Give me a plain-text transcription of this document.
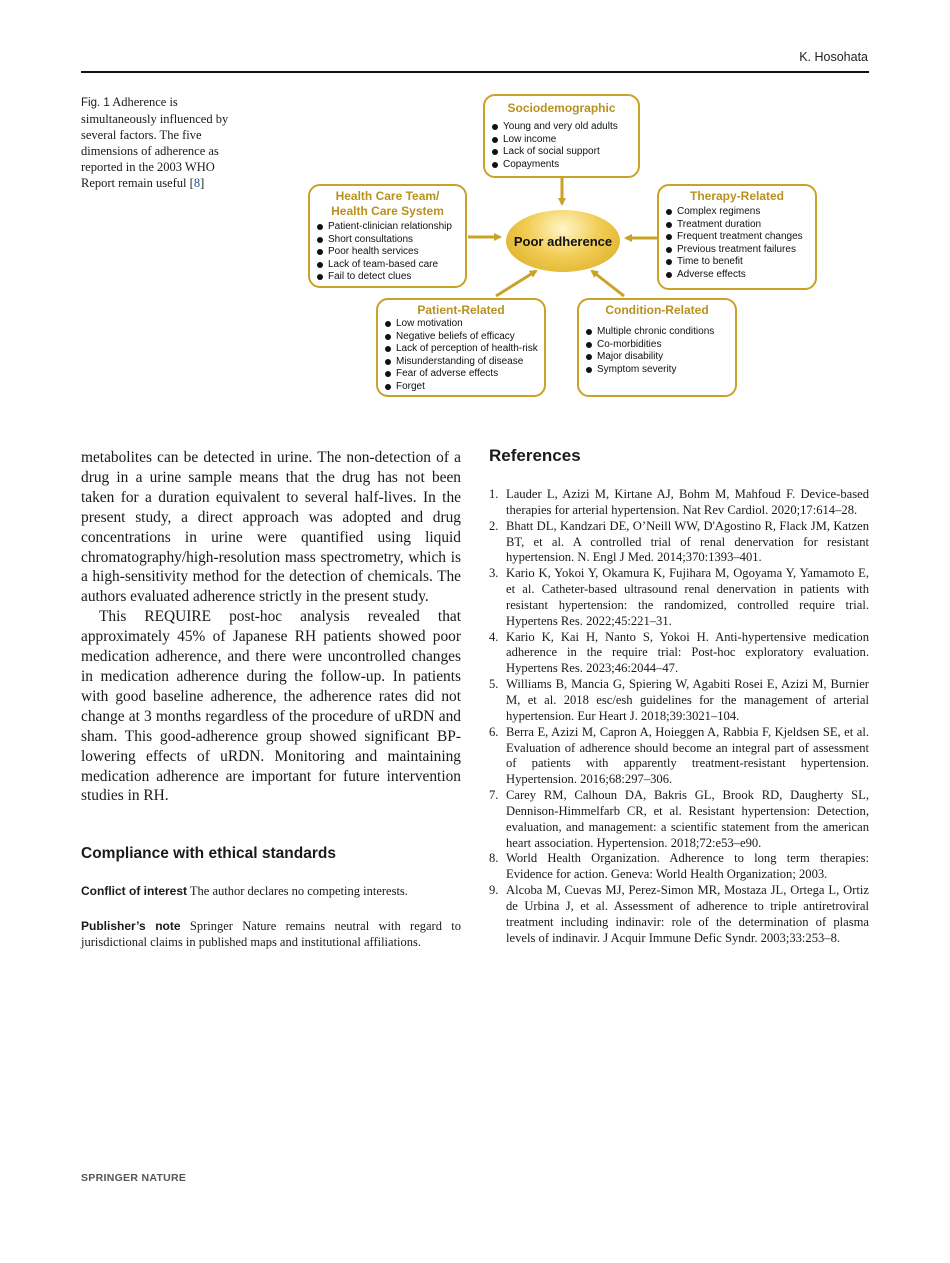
K. Hosohata
Fig. 1 Adherence is simultaneously influenced by several factors. The five dimensions of adherence as reported in the 2003 WHO Report remain useful [8]
Poor adherence
Sociodemographic
Young and very old adults
Low income
Lack of social support
Copayments
Health Care Team/
Health Care System
Patient-clinician relationship
Short consultations
Poor health services
Lack of team-based care
Fail to detect clues
Therapy-Related
Complex regimens
Treatment duration
Frequent treatment changes
Previous treatment failures
Time to benefit
Adverse effects
Patient-Related
Low motivation
Negative beliefs of efficacy
Lack of perception of health-risk
Misunderstanding of disease
Fear of adverse effects
Forget
Condition-Related
Multiple chronic conditions
Co-morbidities
Major disability
Symptom severity

metabolites can be detected in urine. The non-detection of a drug in a urine sample means that the drug has not been taken for a duration equivalent to several half-lives. In the present study, a direct approach was adopted and drug concentrations in urine were quantified using liquid chromatography/high-resolution mass spectrometry, which is a high-sensitivity method for the detection of chemicals. The authors evaluated adherence strictly in the present study.

This REQUIRE post-hoc analysis revealed that approximately 45% of Japanese RH patients showed poor medication adherence, and there were uncontrolled changes in medication adherence during the follow-up. In patients with good baseline adherence, the adherence rates did not change at 3 months regardless of the procedure of uRDN and sham. This good-adherence group showed significant BP-lowering effects of uRDN. Monitoring and maintaining medication adherence are important for future intervention studies in RH.

Compliance with ethical standards
Conflict of interest The author declares no competing interests.
Publisher’s note Springer Nature remains neutral with regard to jurisdictional claims in published maps and institutional affiliations.
References
1. Lauder L, Azizi M, Kirtane AJ, Bohm M, Mahfoud F. Device-based therapies for arterial hypertension. Nat Rev Cardiol. 2020;17:614–28.
2. Bhatt DL, Kandzari DE, O’Neill WW, D'Agostino R, Flack JM, Katzen BT, et al. A controlled trial of renal denervation for resistant hypertension. N. Engl J Med. 2014;370:1393–401.
3. Kario K, Yokoi Y, Okamura K, Fujihara M, Ogoyama Y, Yamamoto E, et al. Catheter-based ultrasound renal denervation in patients with resistant hypertension: the randomized, controlled require trial. Hypertens Res. 2022;45:221–31.
4. Kario K, Kai H, Nanto S, Yokoi H. Anti-hypertensive medication adherence in the require trial: Post-hoc exploratory evaluation. Hypertens Res. 2023;46:2044–47.
5. Williams B, Mancia G, Spiering W, Agabiti Rosei E, Azizi M, Burnier M, et al. 2018 esc/esh guidelines for the management of arterial hypertension. Eur Heart J. 2018;39:3021–104.
6. Berra E, Azizi M, Capron A, Hoieggen A, Rabbia F, Kjeldsen SE, et al. Evaluation of adherence should become an integral part of assessment of patients with apparently treatment-resistant hypertension. Hypertension. 2016;68:297–306.
7. Carey RM, Calhoun DA, Bakris GL, Brook RD, Daugherty SL, Dennison-Himmelfarb CR, et al. Resistant hypertension: Detection, evaluation, and management: a scientific statement from the american heart association. Hypertension. 2018;72:e53–e90.
8. World Health Organization. Adherence to long term therapies: Evidence for action. Geneva: World Health Organization; 2003.
9. Alcoba M, Cuevas MJ, Perez-Simon MR, Mostaza JL, Ortega L, Ortiz de Urbina J, et al. Assessment of adherence to triple antiretroviral treatment including indinavir: role of the determination of plasma levels of indinavir. J Acquir Immune Defic Syndr. 2003;33:253–8.
SPRINGER NATURE
